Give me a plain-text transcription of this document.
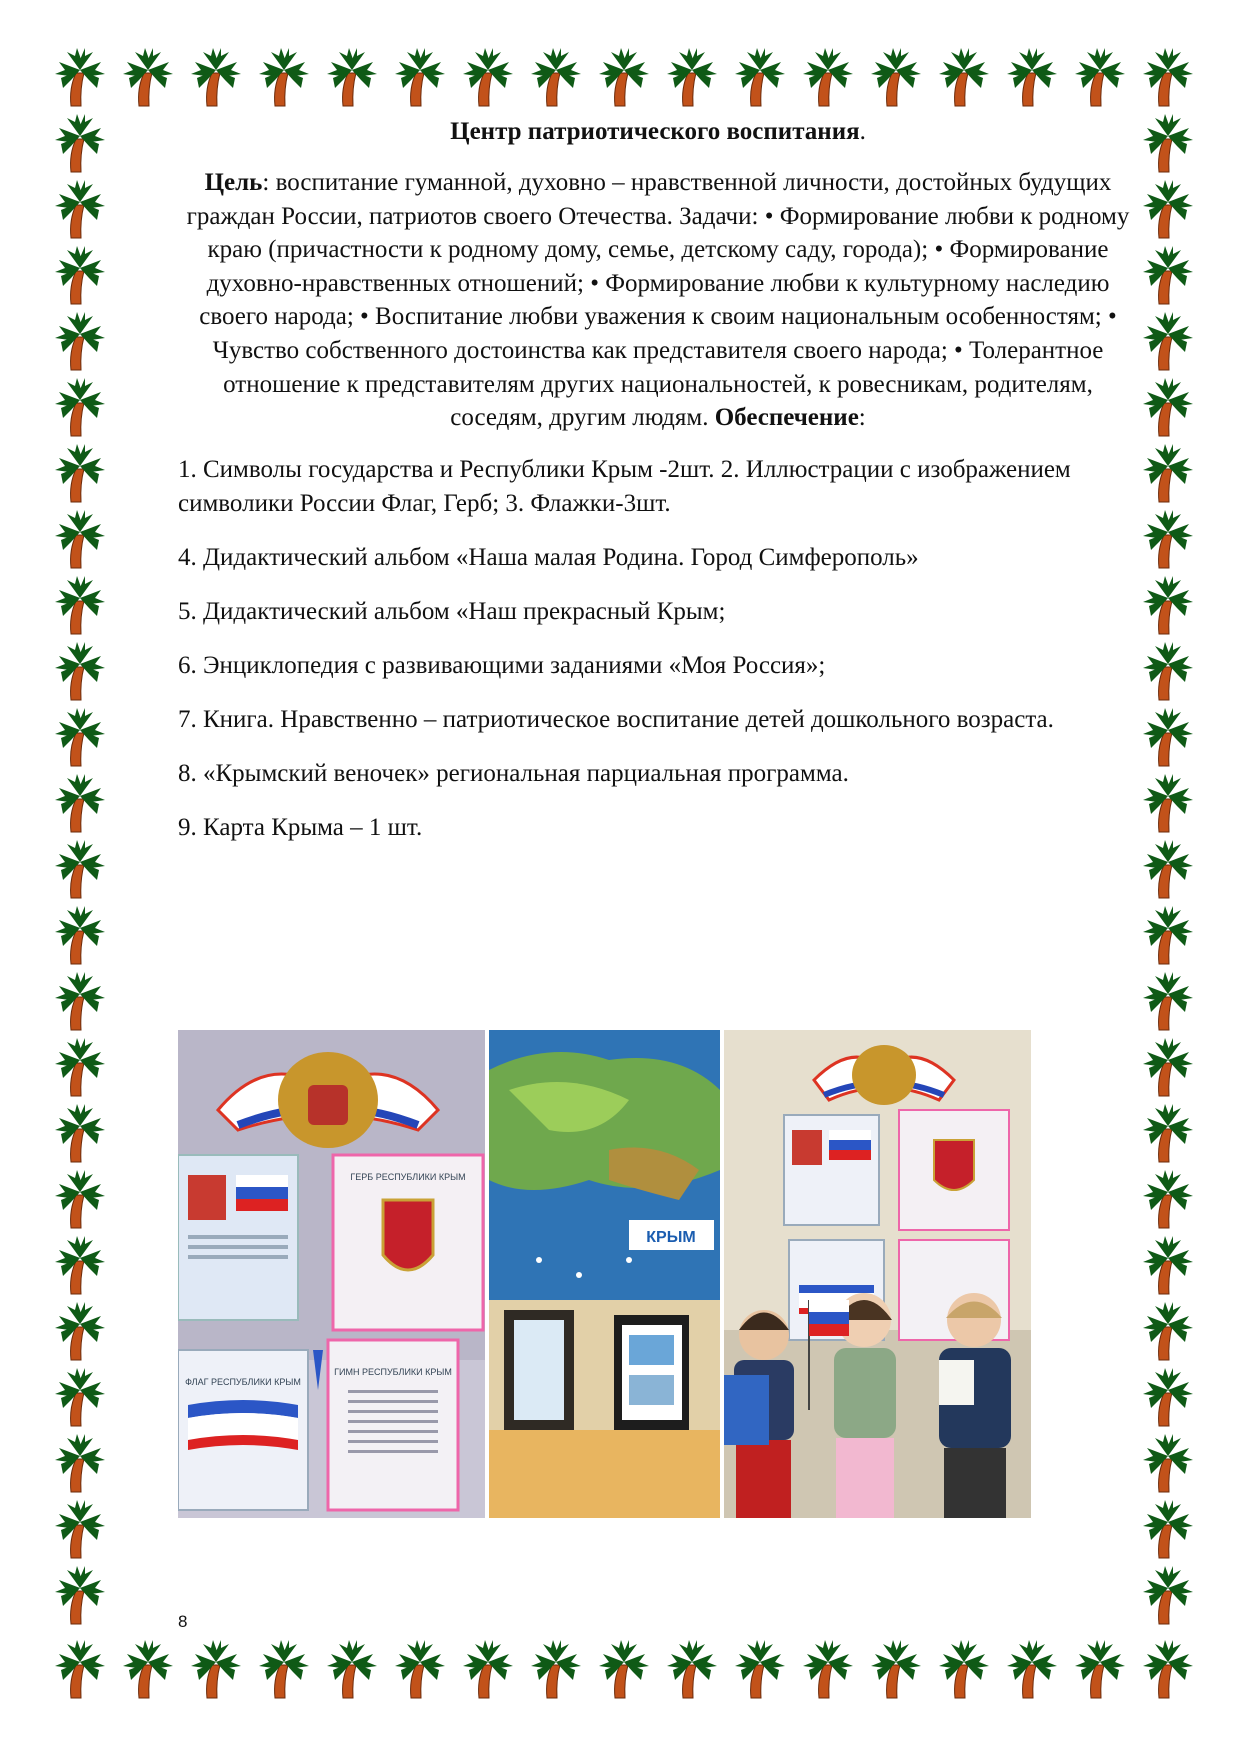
Центр патриотического воспитания.

Цель: воспитание гуманной, духовно – нравственной личности, достойных будущих граждан России, патриотов своего Отечества. Задачи: • Формирование любви к родному краю (причастности к родному дому, семье, детскому саду, города); • Формирование духовно-нравственных отношений; • Формирование любви к культурному наследию своего народа; • Воспитание любви уважения к своим национальным особенностям; • Чувство собственного достоинства как представителя своего народа; • Толерантное отношение к представителям других национальностей, к ровесникам, родителям, соседям, другим людям. Обеспечение:

1. Символы государства и Республики Крым -2шт. 2. Иллюстрации с изображением символики России Флаг, Герб; 3. Флажки-3шт.

4. Дидактический альбом «Наша малая Родина. Город Симферополь»

5. Дидактический альбом «Наш прекрасный Крым;

6. Энциклопедия с развивающими заданиями «Моя Россия»;

7. Книга. Нравственно – патриотическое воспитание детей дошкольного возраста.

8. «Крымский веночек» региональная парциальная программа.

9. Карта Крыма – 1 шт.

ГЕРБ РЕСПУБЛИКИ КРЫМ
ФЛАГ РЕСПУБЛИКИ КРЫМ
ГИМН РЕСПУБЛИКИ КРЫМ
КРЫМ
8
